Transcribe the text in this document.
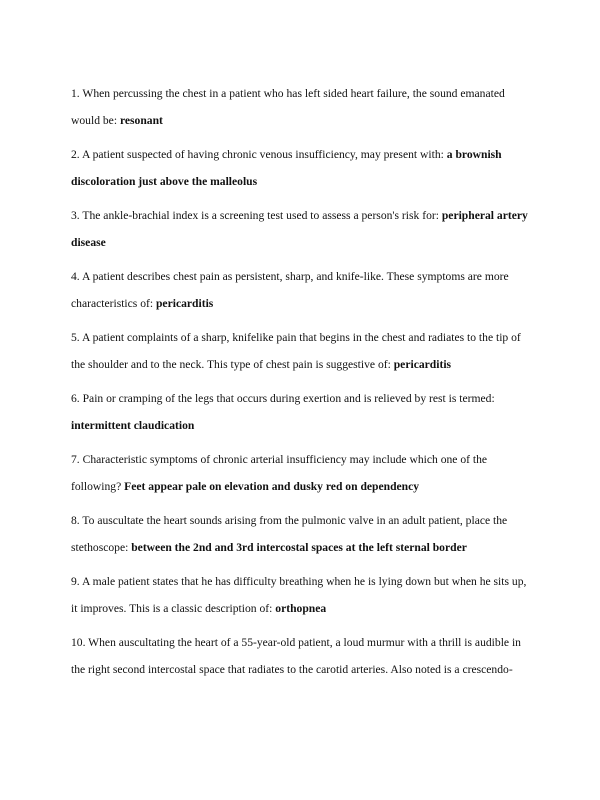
1. When percussing the chest in a patient who has left sided heart failure, the sound emanated would be: resonant

2. A patient suspected of having chronic venous insufficiency, may present with: a brownish discoloration just above the malleolus

3. The ankle-brachial index is a screening test used to assess a person's risk for: peripheral artery disease

4. A patient describes chest pain as persistent, sharp, and knife-like. These symptoms are more characteristics of: pericarditis

5. A patient complaints of a sharp, knifelike pain that begins in the chest and radiates to the tip of the shoulder and to the neck. This type of chest pain is suggestive of: pericarditis

6. Pain or cramping of the legs that occurs during exertion and is relieved by rest is termed: intermittent claudication

7. Characteristic symptoms of chronic arterial insufficiency may include which one of the following? Feet appear pale on elevation and dusky red on dependency

8. To auscultate the heart sounds arising from the pulmonic valve in an adult patient, place the stethoscope: between the 2nd and 3rd intercostal spaces at the left sternal border

9. A male patient states that he has difficulty breathing when he is lying down but when he sits up, it improves. This is a classic description of: orthopnea

10. When auscultating the heart of a 55-year-old patient, a loud murmur with a thrill is audible in the right second intercostal space that radiates to the carotid arteries. Also noted is a crescendo-
